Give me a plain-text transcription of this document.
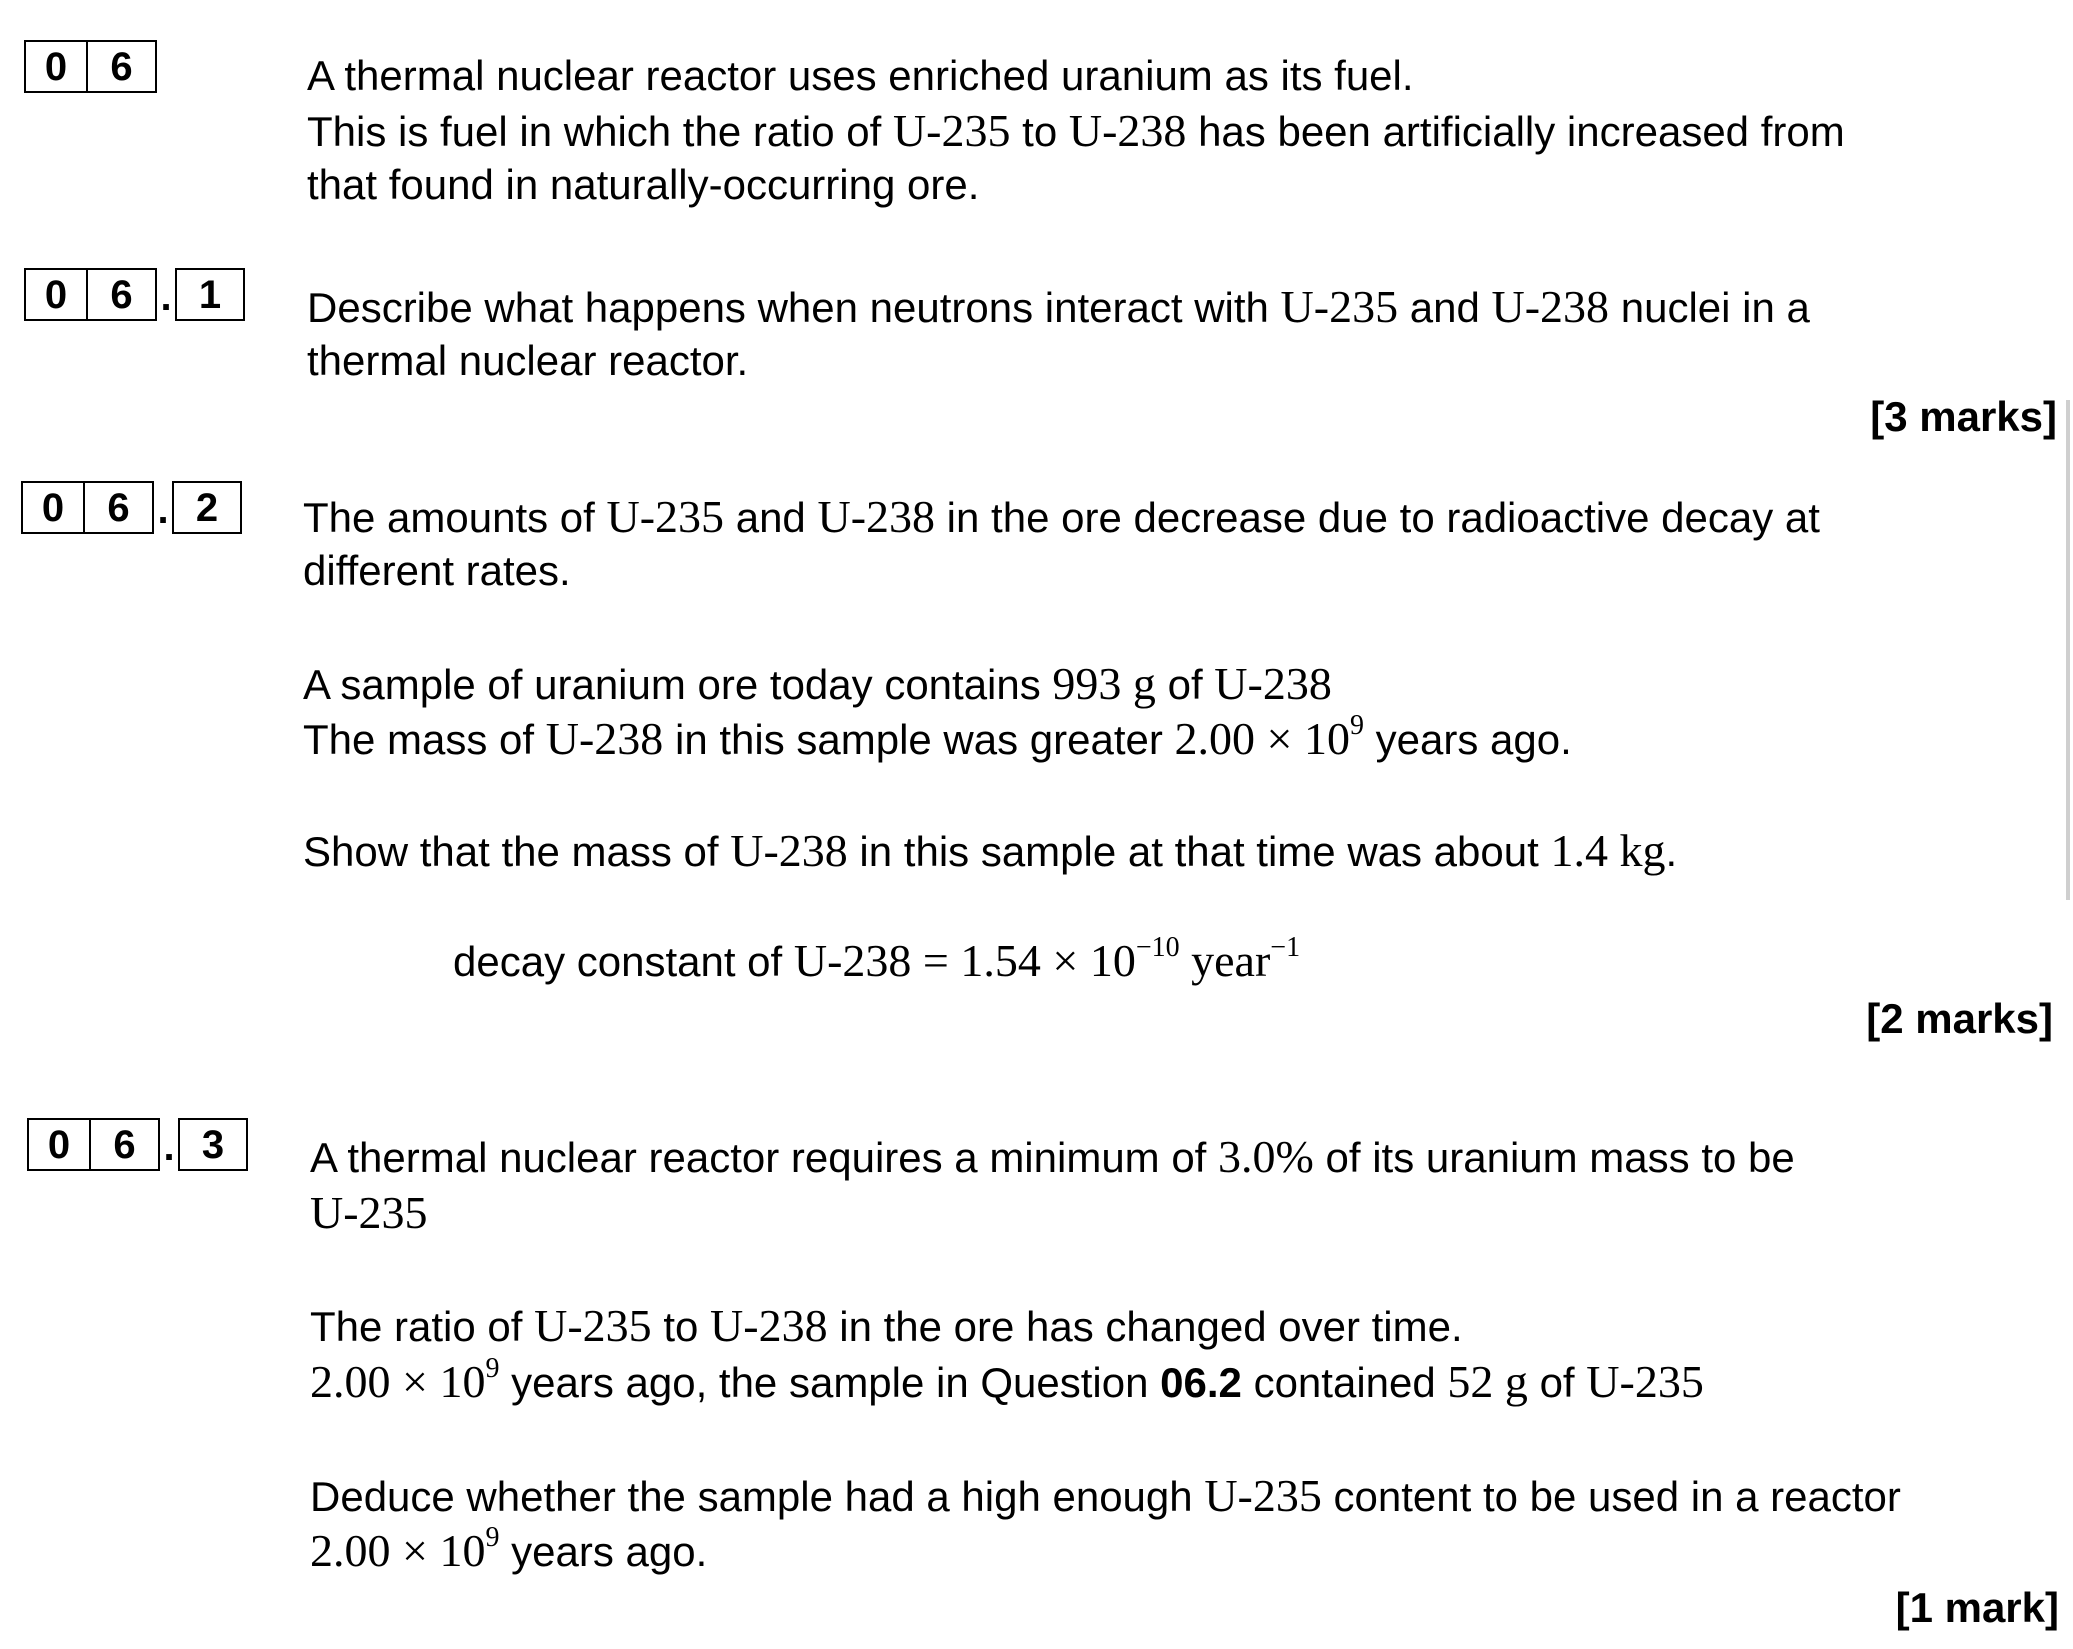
0	6	A thermal nuclear reactor uses enriched uranium as its fuel.
This is fuel in which the ratio of U-235 to U-238 has been artificially increased from
that found in naturally-occurring ore.
0	6 . 1	Describe what happens when neutrons interact with U-235 and U-238 nuclei in a
thermal nuclear reactor.
[3 marks]
0	6 . 2	The amounts of U-235 and U-238 in the ore decrease due to radioactive decay at
different rates.
A sample of uranium ore today contains 993 g of U-238
The mass of U-238 in this sample was greater $2.00 \times 10^9$ years ago.
Show that the mass of U-238 in this sample at that time was about 1.4 kg.
decay constant of $U-238 = 1.54 \times 10^{-10}$ year$^{-1}$
[2 marks]
0	6 . 3	A thermal nuclear reactor requires a minimum of 3.0% of its uranium mass to be
U-235
The ratio of U-235 to U-238 in the ore has changed over time.
$2.00 \times 10^9$ years ago, the sample in Question 06.2 contained 52 g of U-235
Deduce whether the sample had a high enough U-235 content to be used in a reactor
$2.00 \times 10^9$ years ago.
[1 mark]
